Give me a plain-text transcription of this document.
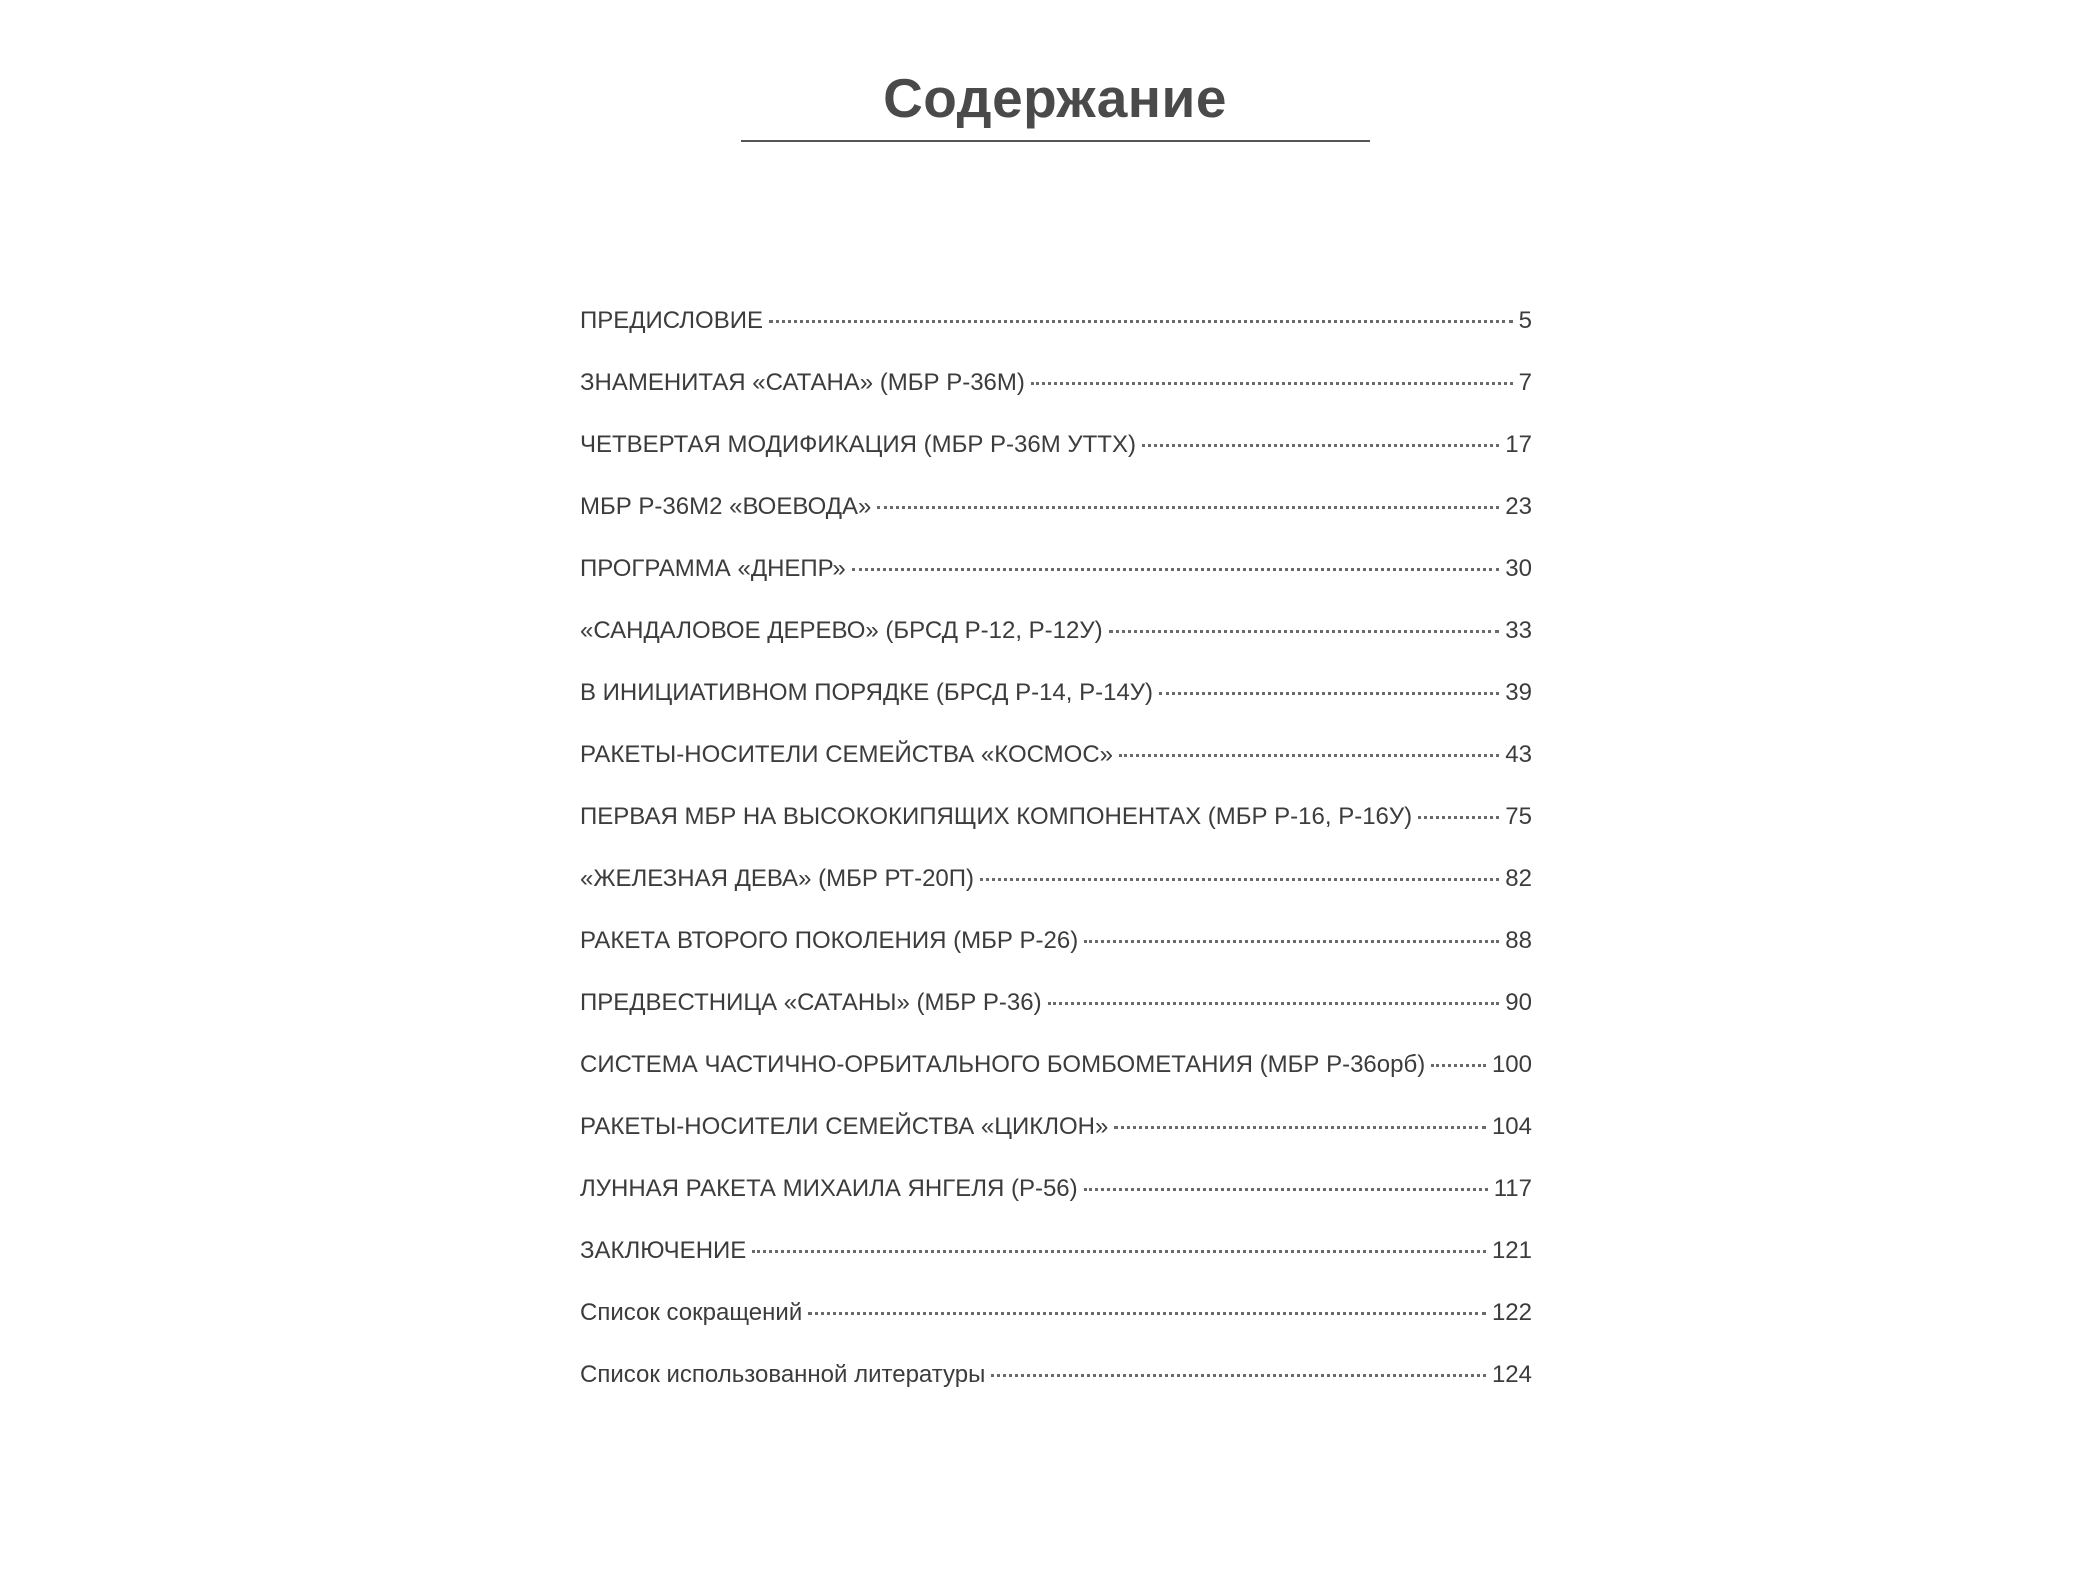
Содержание
ПРЕДИСЛОВИЕ	5
ЗНАМЕНИТАЯ «САТАНА» (МБР Р-36М)	7
ЧЕТВЕРТАЯ МОДИФИКАЦИЯ (МБР Р-36М УТТХ)	17
МБР Р-36М2 «ВОЕВОДА»	23
ПРОГРАММА «ДНЕПР»	30
«САНДАЛОВОЕ ДЕРЕВО» (БРСД Р-12, Р-12У)	33
В ИНИЦИАТИВНОМ ПОРЯДКЕ (БРСД Р-14, Р-14У)	39
РАКЕТЫ-НОСИТЕЛИ СЕМЕЙСТВА «КОСМОС»	43
ПЕРВАЯ МБР НА ВЫСОКОКИПЯЩИХ КОМПОНЕНТАХ (МБР Р-16, Р-16У)	75
«ЖЕЛЕЗНАЯ ДЕВА» (МБР РТ-20П)	82
РАКЕТА ВТОРОГО ПОКОЛЕНИЯ (МБР Р-26)	88
ПРЕДВЕСТНИЦА «САТАНЫ» (МБР Р-36)	90
СИСТЕМА ЧАСТИЧНО-ОРБИТАЛЬНОГО БОМБОМЕТАНИЯ (МБР Р-36орб)	100
РАКЕТЫ-НОСИТЕЛИ СЕМЕЙСТВА «ЦИКЛОН»	104
ЛУННАЯ РАКЕТА МИХАИЛА ЯНГЕЛЯ (Р-56)	117
ЗАКЛЮЧЕНИЕ	121
Список сокращений	122
Список использованной литературы	124
